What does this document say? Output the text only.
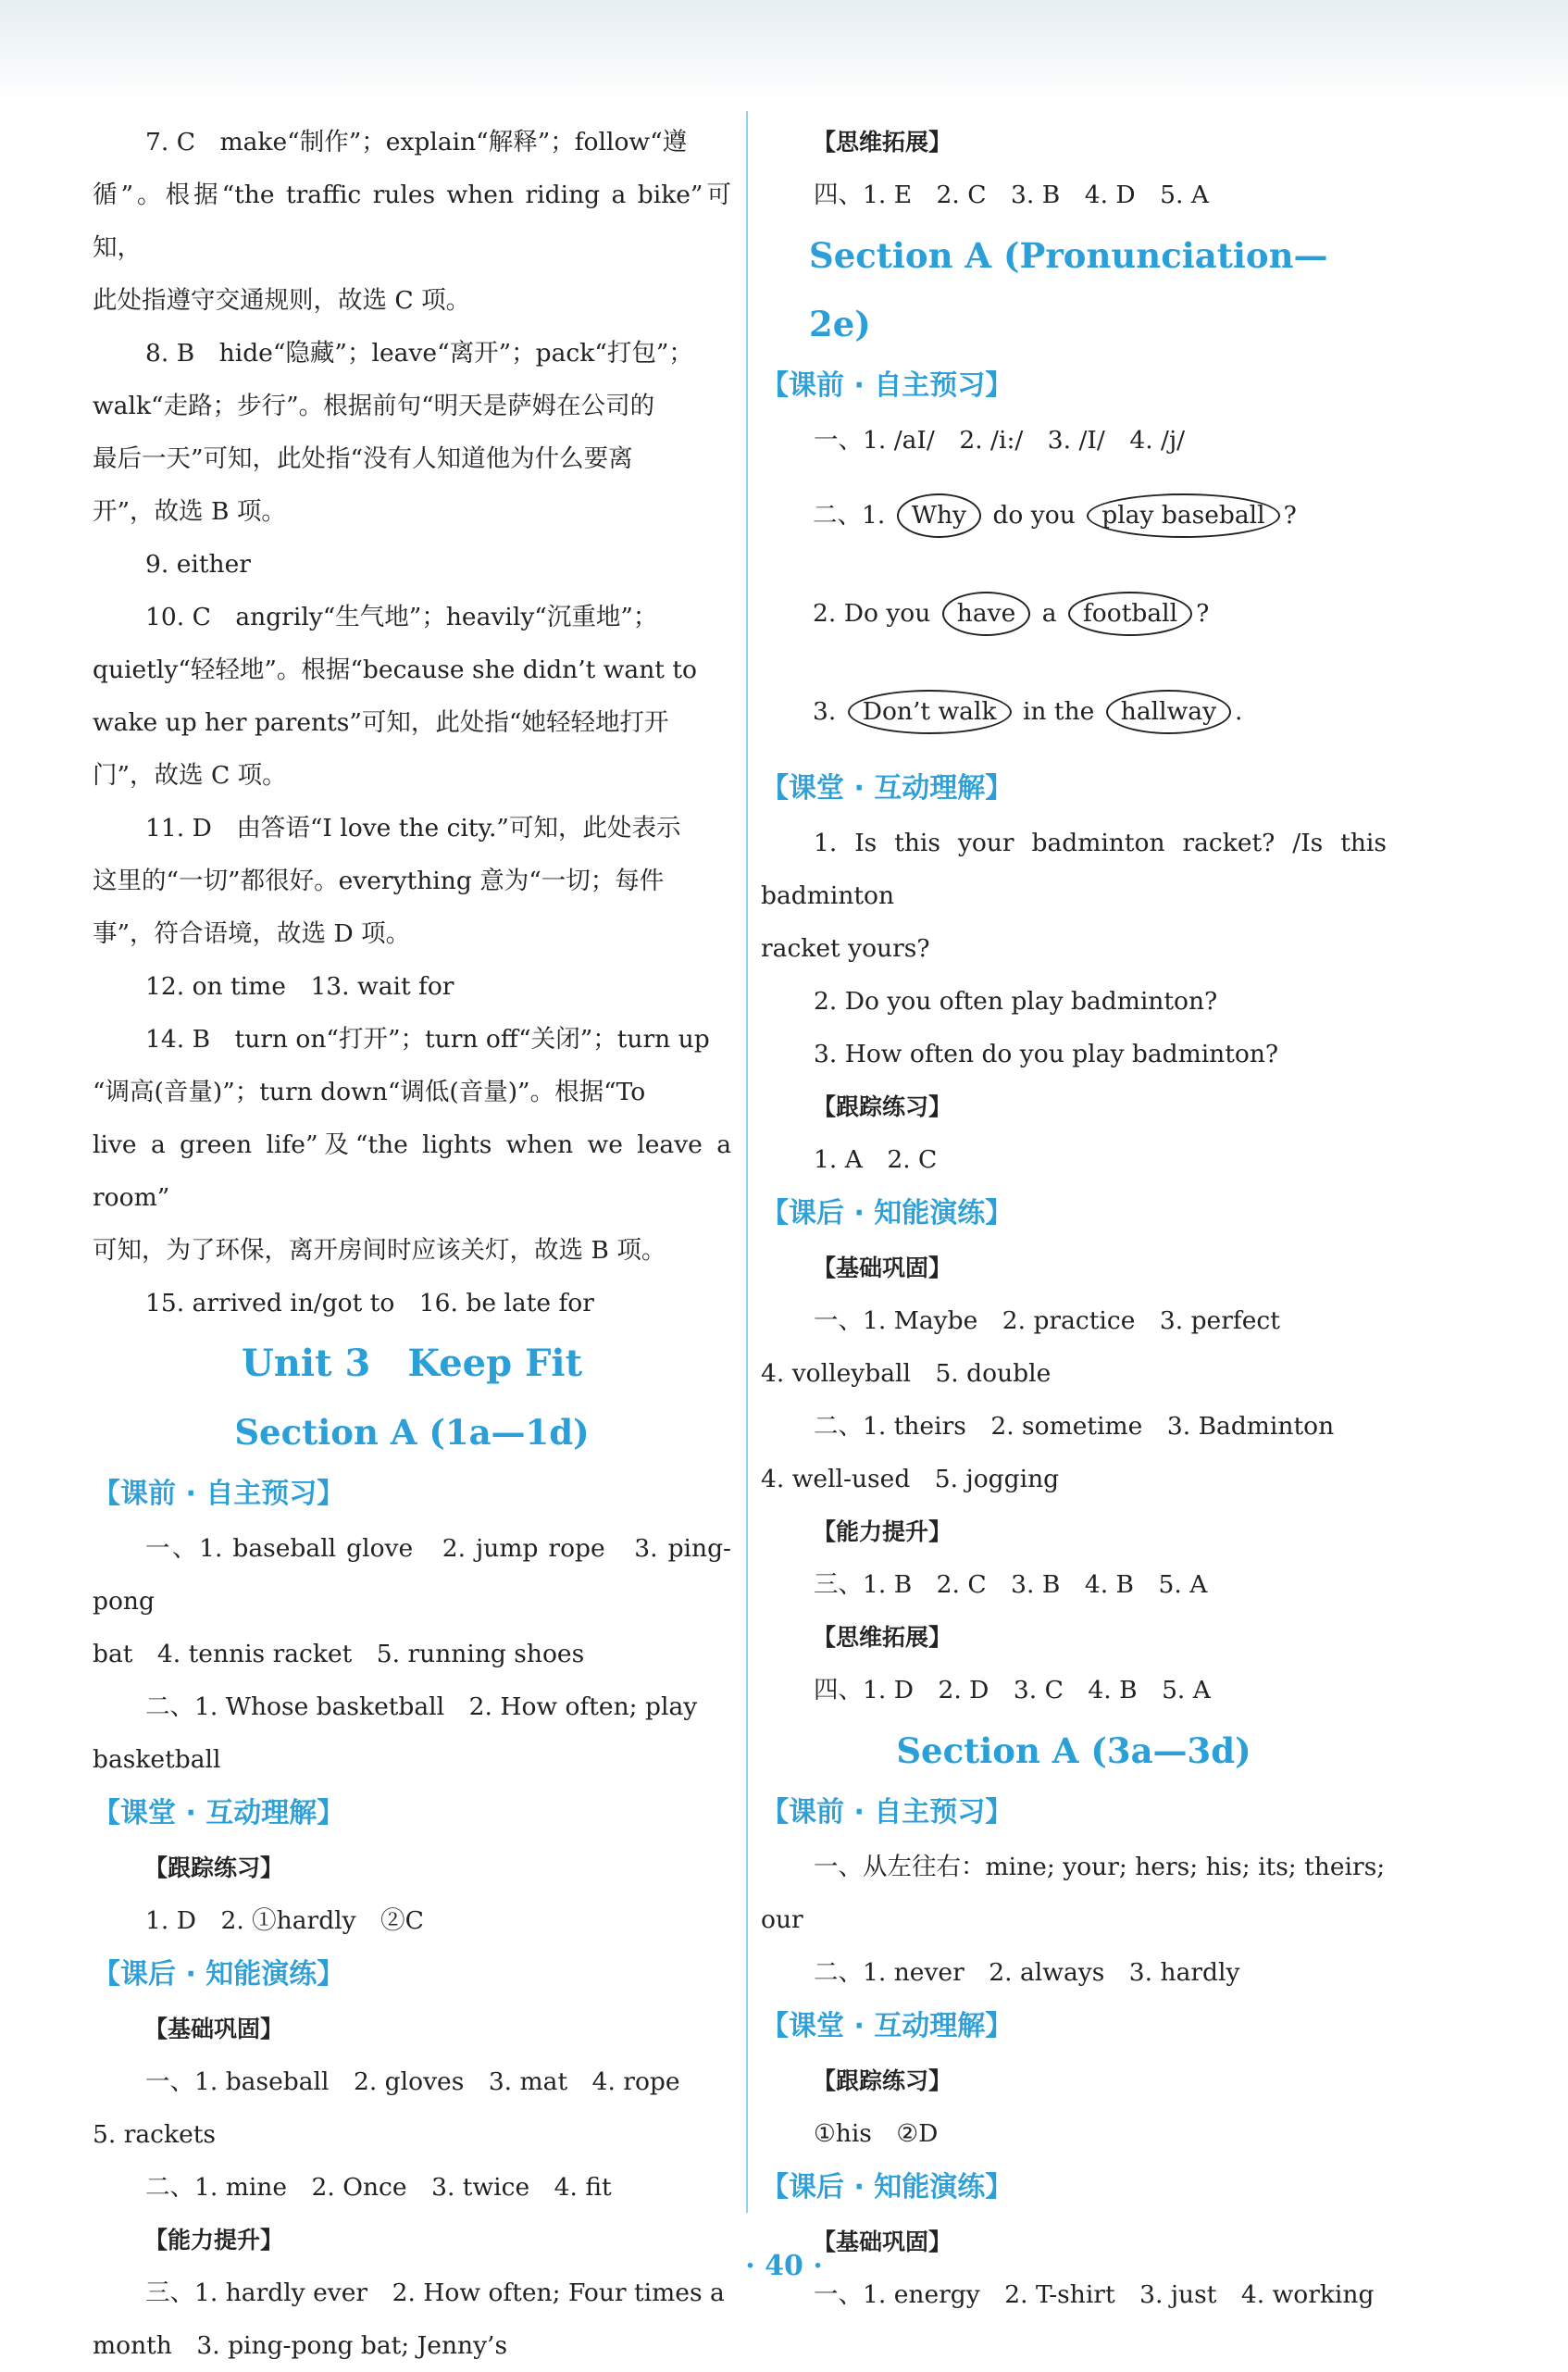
7. C　make“制作”；explain“解释”；follow“遵
循”。根据“the traffic rules when riding a bike”可知，
此处指遵守交通规则，故选 C 项。
8. B　hide“隐藏”；leave“离开”；pack“打包”；
walk“走路；步行”。根据前句“明天是萨姆在公司的
最后一天”可知，此处指“没有人知道他为什么要离
开”，故选 B 项。
9. either
10. C　angrily“生气地”；heavily“沉重地”；
quietly“轻轻地”。根据“because she didn’t want to
wake up her parents”可知，此处指“她轻轻地打开
门”，故选 C 项。
11. D　由答语“I love the city.”可知，此处表示
这里的“一切”都很好。everything 意为“一切；每件
事”，符合语境，故选 D 项。
12. on time　13. wait for
14. B　turn on“打开”；turn off“关闭”；turn up
“调高(音量)”；turn down“调低(音量)”。根据“To
live a green life”及“the lights when we leave a room”
可知，为了环保，离开房间时应该关灯，故选 B 项。
15. arrived in/got to　16. be late for
Unit 3　Keep Fit
Section A (1a—1d)
【课前 · 自主预习】
一、1. baseball glove　2. jump rope　3. ping-pong
bat　4. tennis racket　5. running shoes
二、1. Whose basketball　2. How often; play
basketball
【课堂 · 互动理解】
【跟踪练习】
1. D　2. ①hardly　②C
【课后 · 知能演练】
【基础巩固】
一、1. baseball　2. gloves　3. mat　4. rope
5. rackets
二、1. mine　2. Once　3. twice　4. fit
【能力提升】
三、1. hardly ever　2. How often; Four times a
month　3. ping-pong bat; Jenny’s
【思维拓展】
四、1. E　2. C　3. B　4. D　5. A
Section A (Pronunciation—2e)
【课前 · 自主预习】
一、1. /aI/　2. /i:/　3. /I/　4. /j/
二、1. Why do you play baseball ?
2. Do you have a football ?
3. Don’t walk in the hallway .
【课堂 · 互动理解】
1. Is this your badminton racket? /Is this badminton
racket yours?
2. Do you often play badminton?
3. How often do you play badminton?
【跟踪练习】
1. A　2. C
【课后 · 知能演练】
【基础巩固】
一、1. Maybe　2. practice　3. perfect
4. volleyball　5. double
二、1. theirs　2. sometime　3. Badminton
4. well-used　5. jogging
【能力提升】
三、1. B　2. C　3. B　4. B　5. A
【思维拓展】
四、1. D　2. D　3. C　4. B　5. A
Section A (3a—3d)
【课前 · 自主预习】
一、从左往右：mine; your; hers; his; its; theirs;
our
二、1. never　2. always　3. hardly
【课堂 · 互动理解】
【跟踪练习】
①his　②D
【课后 · 知能演练】
【基础巩固】
一、1. energy　2. T-shirt　3. just　4. working
· 40 ·
